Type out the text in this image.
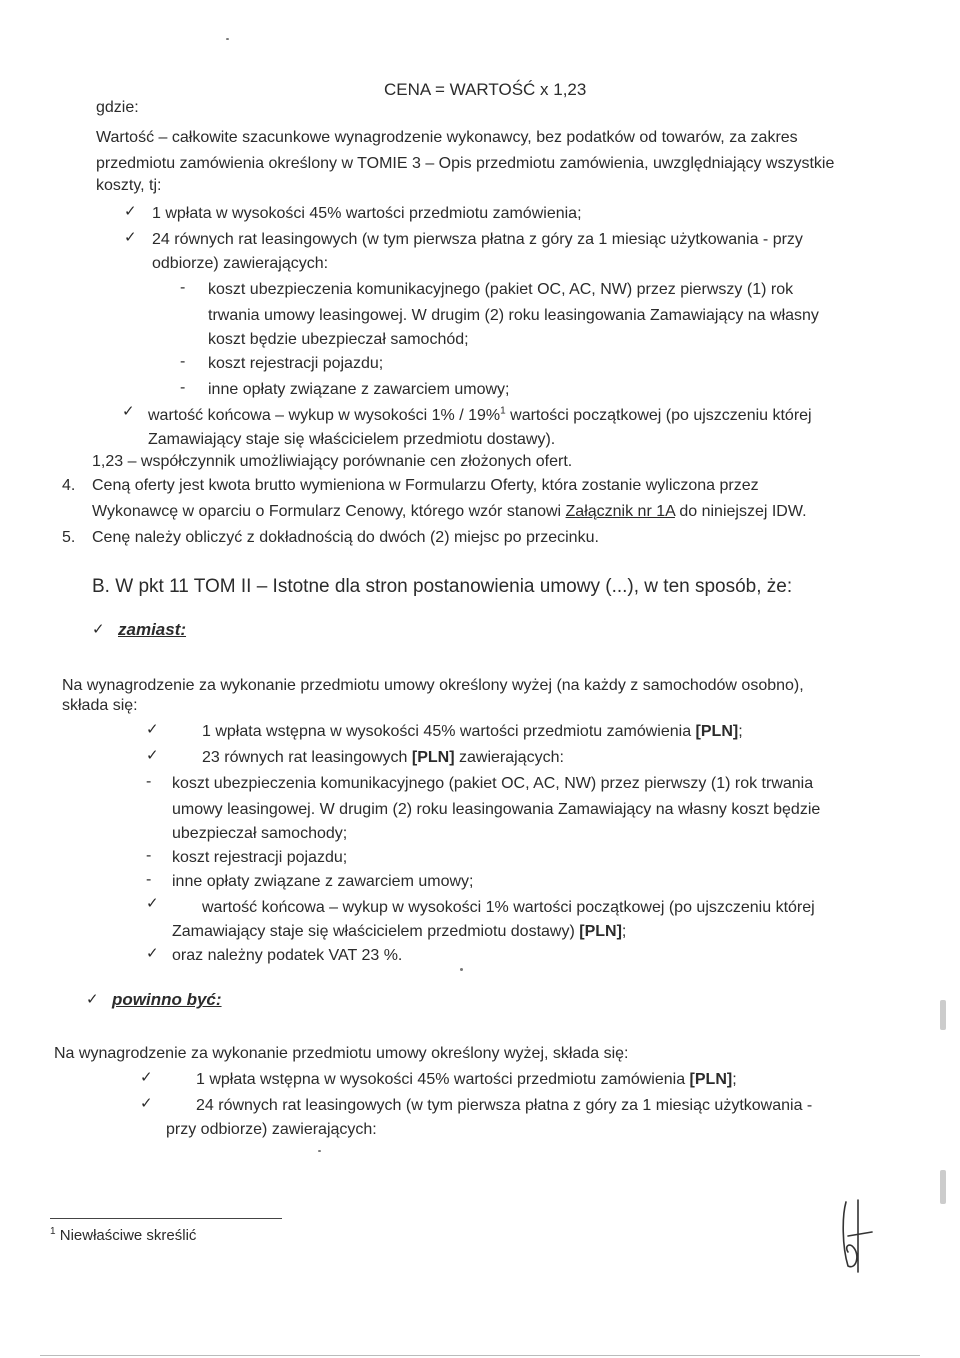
CENA = WARTOŚĆ x 1,23
gdzie:
Wartość – całkowite szacunkowe wynagrodzenie wykonawcy, bez podatków od towarów, za zakres
przedmiotu zamówienia określony w TOMIE 3 – Opis przedmiotu zamówienia, uwzględniający wszystkie
koszty, tj:
✓ 1 wpłata w wysokości 45% wartości przedmiotu zamówienia;
✓ 24 równych rat leasingowych (w tym pierwsza płatna z góry za 1 miesiąc użytkowania - przy
odbiorze) zawierających:
- koszt ubezpieczenia komunikacyjnego (pakiet OC, AC, NW) przez pierwszy (1) rok
trwania umowy leasingowej. W drugim (2) roku leasingowania Zamawiający na własny
koszt będzie ubezpieczał samochód;
- koszt rejestracji pojazdu;
- inne opłaty związane z zawarciem umowy;
✓ wartość końcowa – wykup w wysokości 1% / 19%$^1$ wartości początkowej (po ujszczeniu której
Zamawiający staje się właścicielem przedmiotu dostawy).
1,23 – współczynnik umożliwiający porównanie cen złożonych ofert.
4. Ceną oferty jest kwota brutto wymieniona w Formularzu Oferty, która zostanie wyliczona przez
Wykonawcę w oparciu o Formularz Cenowy, którego wzór stanowi Załącznik nr 1A do niniejszej IDW.
5. Cenę należy obliczyć z dokładnością do dwóch (2) miejsc po przecinku.
B. W pkt 11 TOM II – Istotne dla stron postanowienia umowy (...), w ten sposób, że:
✓ zamiast:
Na wynagrodzenie za wykonanie przedmiotu umowy określony wyżej (na każdy z samochodów osobno),
składa się:
✓	1 wpłata wstępna w wysokości 45% wartości przedmiotu zamówienia [PLN];
✓	23 równych rat leasingowych [PLN] zawierających:
- koszt ubezpieczenia komunikacyjnego (pakiet OC, AC, NW) przez pierwszy (1) rok trwania
umowy leasingowej. W drugim (2) roku leasingowania Zamawiający na własny koszt będzie
ubezpieczał samochody;
- koszt rejestracji pojazdu;
- inne opłaty związane z zawarciem umowy;
✓	wartość końcowa – wykup w wysokości 1% wartości początkowej (po ujszczeniu której
Zamawiający staje się właścicielem przedmiotu dostawy) [PLN];
✓ oraz należny podatek VAT 23 %.
✓ powinno być:
Na wynagrodzenie za wykonanie przedmiotu umowy określony wyżej, składa się:
✓	1 wpłata wstępna w wysokości 45% wartości przedmiotu zamówienia [PLN];
✓	24 równych rat leasingowych (w tym pierwsza płatna z góry za 1 miesiąc użytkowania -
przy odbiorze) zawierających:
$^1$ Niewłaściwe skreślić
